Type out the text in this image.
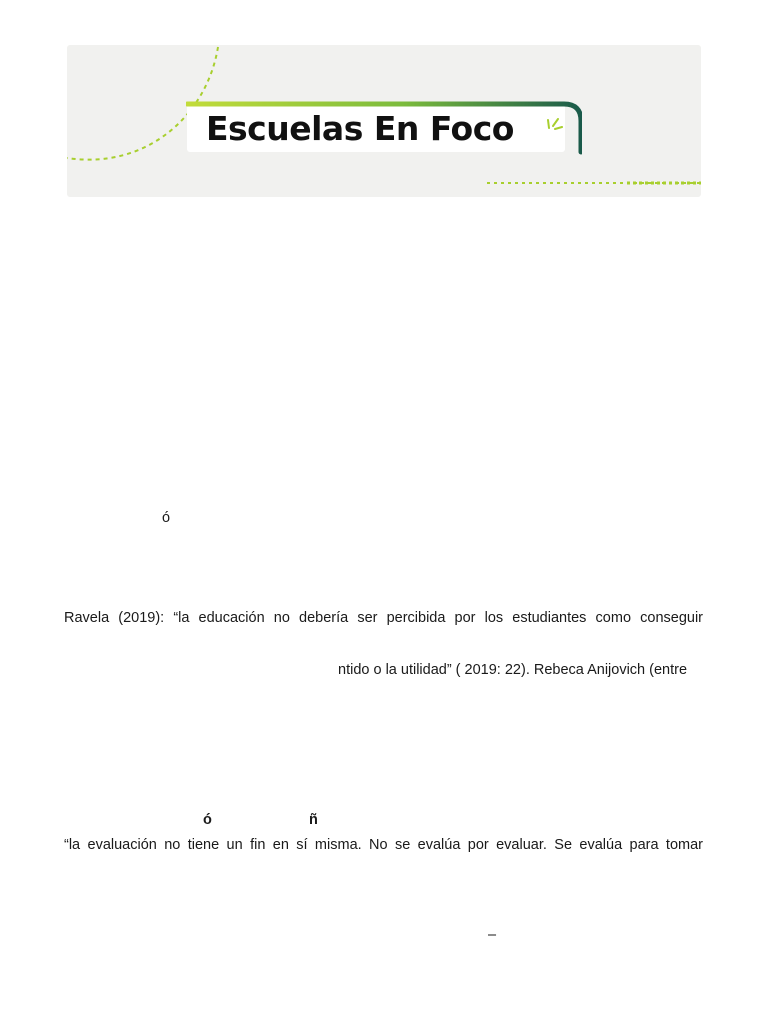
Escuelas En Foco
ó
Ravela (2019): “la educación no debería ser percibida por los estudiantes como conseguir
ntido o la utilidad” ( 2019: 22). Rebeca Anijovich (entre
ó	ñ
“la evaluación no tiene un fin en sí misma. No se evalúa por evaluar. Se evalúa para tomar
–
